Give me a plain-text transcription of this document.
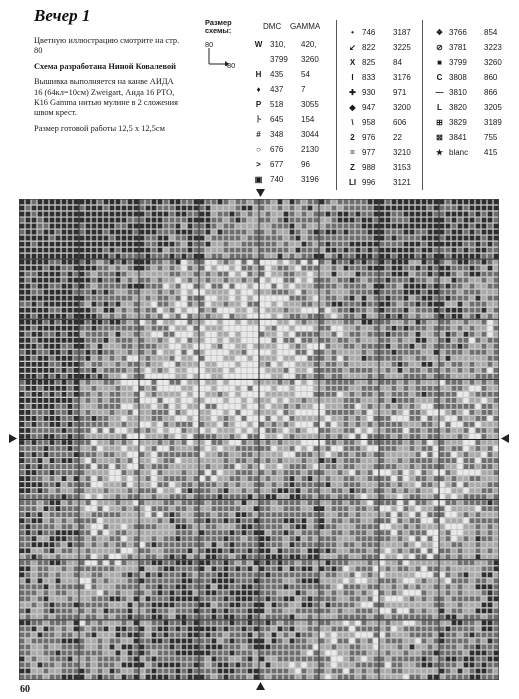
Вечер 1

Цветную иллюстрацию смотрите на стр. 80

Схема разработана Ниной Ковалевой

Вышивка выполняется на канве АИДА 16 (64кл=10см) Zweigart, Аида 16 РТО, К16 Gamma нитью мулине в 2 сложения швом крест.

Размер готовой работы 12,5 х 12,5см

Размер
схемы:
80
80
DMC GAMMA
W 310, 420,
3799 3260
H	435 54
♦	437 7
P	518 3055
ト 645 154
#	348 3044
○	676 2130
>	677 96
▣ 740 3196
•	746 3187
↙ 822 3225
X 825 84
I	833 3176
✚ 930 971
◆ 947 3200
\	958 606
2 976 22
= 977 3210
Z 988 3153
LI 996 3121
❖ 3766 854
⊘ 3781 3223
■ 3799 3260
C 3808 860
— 3810 866
L 3820 3205
⊞ 3829 3189
⊠ 3841 755
★ blanc 415
60
